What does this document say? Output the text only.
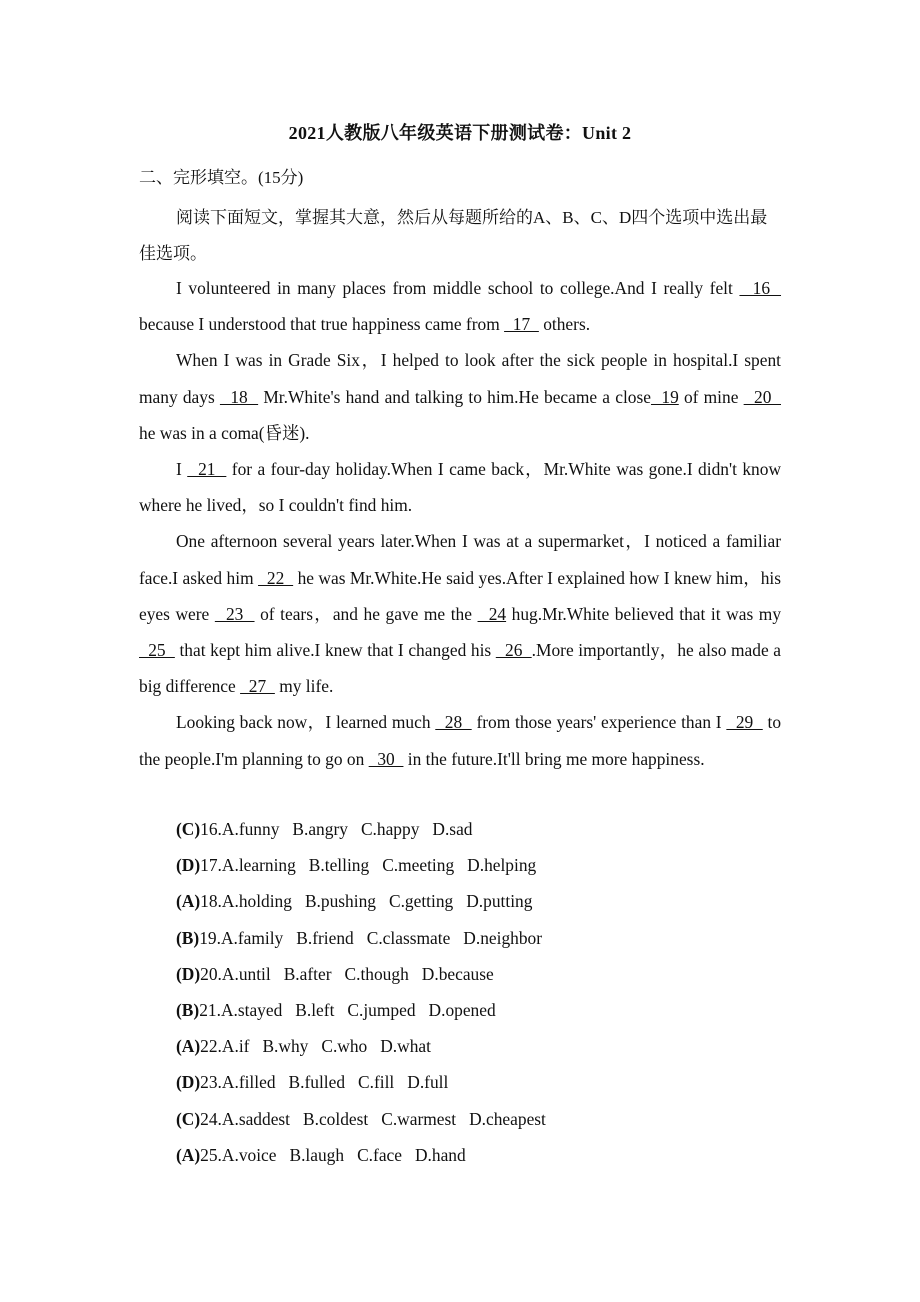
2021人教版八年级英语下册测试卷：Unit 2
二、完形填空。(15分)
阅读下面短文，掌握其大意，然后从每题所给的A、B、C、D四个选项中选出最佳选项。

I volunteered in many places from middle school to college.And I really felt   16   because I understood that true happiness came from   17   others.

When I was in Grade Six，I helped to look after the sick people in hospital.I spent many days   18   Mr.White's hand and talking to him.He became a close  19 of mine   20   he was in a coma(昏迷).

I   21   for a four-day holiday.When I came back，Mr.White was gone.I didn't know where he lived，so I couldn't find him.

One afternoon several years later.When I was at a supermarket，I noticed a familiar face.I asked him   22   he was Mr.White.He said yes.After I explained how I knew him，his eyes were   23   of tears，and he gave me the   24 hug.Mr.White believed that it was my   25   that kept him alive.I knew that I changed his   26  .More importantly，he also made a big difference   27   my life.

Looking back now，I learned much   28   from those years' experience than I   29   to the people.I'm planning to go on   30   in the future.It'll bring me more happiness.

(C)16.A.funny B.angry C.happy D.sad
(D)17.A.learning B.telling C.meeting D.helping
(A)18.A.holding B.pushing C.getting D.putting
(B)19.A.family B.friend C.classmate D.neighbor
(D)20.A.until B.after C.though D.because
(B)21.A.stayed B.left C.jumped D.opened
(A)22.A.if B.why C.who D.what
(D)23.A.filled B.fulled C.fill D.full
(C)24.A.saddest B.coldest C.warmest D.cheapest
(A)25.A.voice B.laugh C.face D.hand
